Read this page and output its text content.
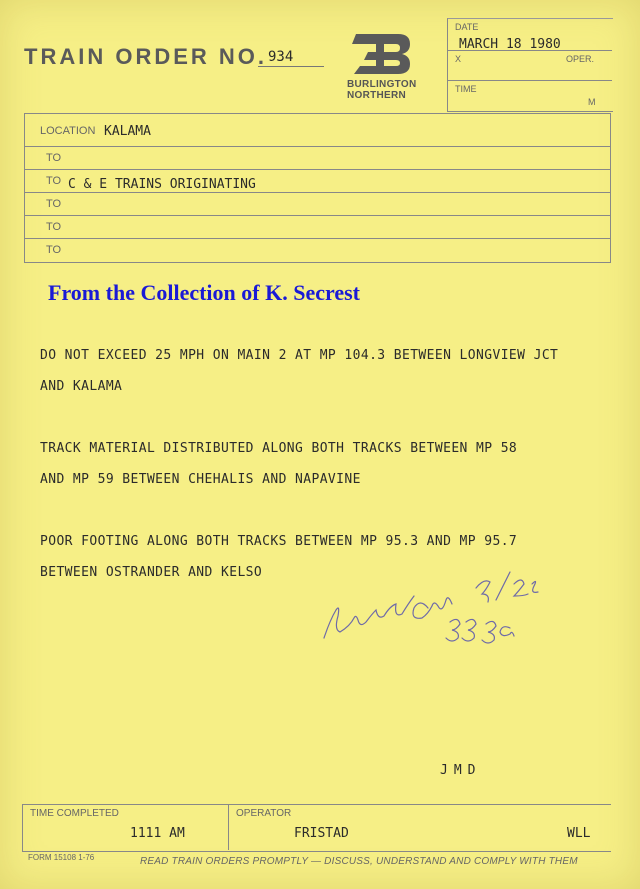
TRAIN ORDER NO. 934
BURLINGTON
NORTHERN
DATE
MARCH 18 1980
X	OPER.
TIME
M
LOCATION KALAMA
TO
TO C & E TRAINS ORIGINATING
TO
TO
TO
From the Collection of K. Secrest
DO NOT EXCEED 25 MPH ON MAIN 2 AT MP 104.3 BETWEEN LONGVIEW JCT
AND KALAMA
TRACK MATERIAL DISTRIBUTED ALONG BOTH TRACKS BETWEEN MP 58
AND MP 59 BETWEEN CHEHALIS AND NAPAVINE
POOR FOOTING ALONG BOTH TRACKS BETWEEN MP 95.3 AND MP 95.7
BETWEEN OSTRANDER AND KELSO
JMD
TIME COMPLETED	OPERATOR
1111 AM	FRISTAD	WLL
FORM 15108 1-76	READ TRAIN ORDERS PROMPTLY — DISCUSS, UNDERSTAND AND COMPLY WITH THEM
